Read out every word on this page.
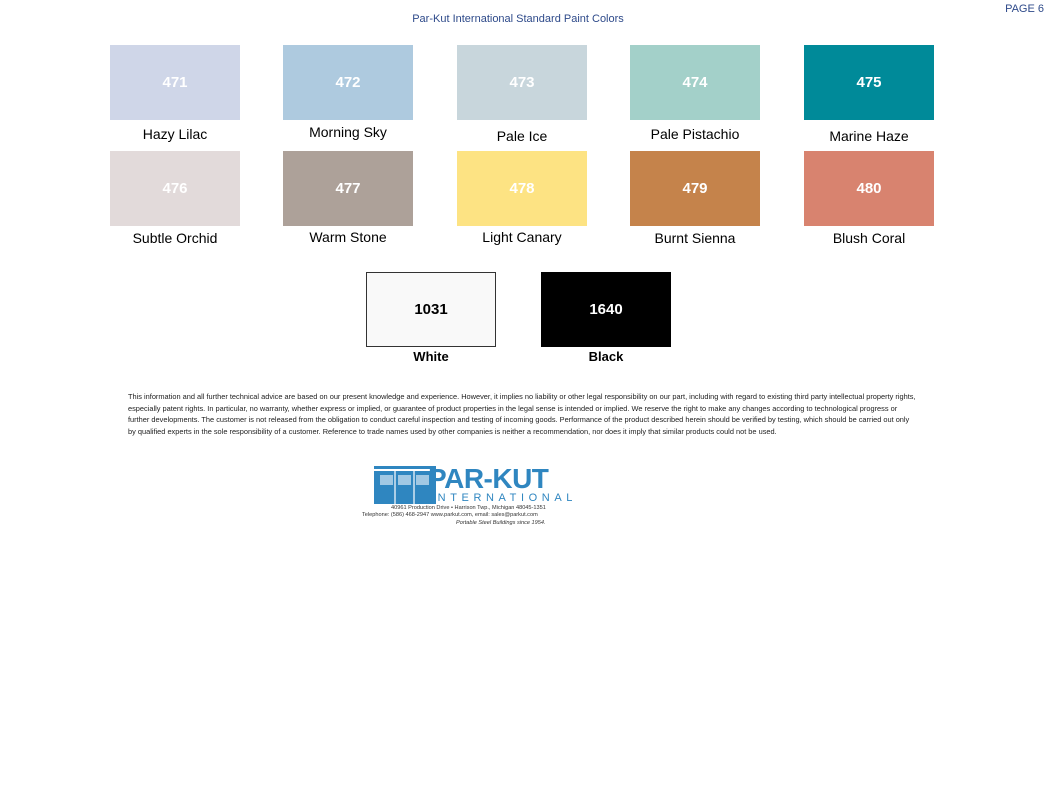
PAGE 6
Par-Kut International Standard Paint Colors
471
Hazy Lilac
472
Morning Sky
473
Pale Ice
474
Pale Pistachio
475
Marine Haze
476
Subtle Orchid
477
Warm Stone
478
Light Canary
479
Burnt Sienna
480
Blush Coral
1031
White
1640
Black
This information and all further technical advice are based on our present knowledge and experience. However, it implies no liability or other legal responsibility on our part, including with regard to existing third party intellectual property rights, especially patent rights. In particular, no warranty, whether express or implied, or guarantee of product properties in the legal sense is intended or implied. We reserve the right to make any changes according to technological progress or further developments. The customer is not released from the obligation to conduct careful inspection and testing of incoming goods. Performance of the product described herein should be verified by testing, which should be carried out only by qualified experts in the sole responsibility of a customer. Reference to trade names used by other companies is neither a recommendation, nor does it imply that similar products could not be used.
PAR-KUT
INTERNATIONAL
40961 Production Drive • Harrison Twp., Michigan 48045-1351
Telephone: (586) 468-2947 www.parkut.com, email: sales@parkut.com
Portable Steel Buildings since 1954.
